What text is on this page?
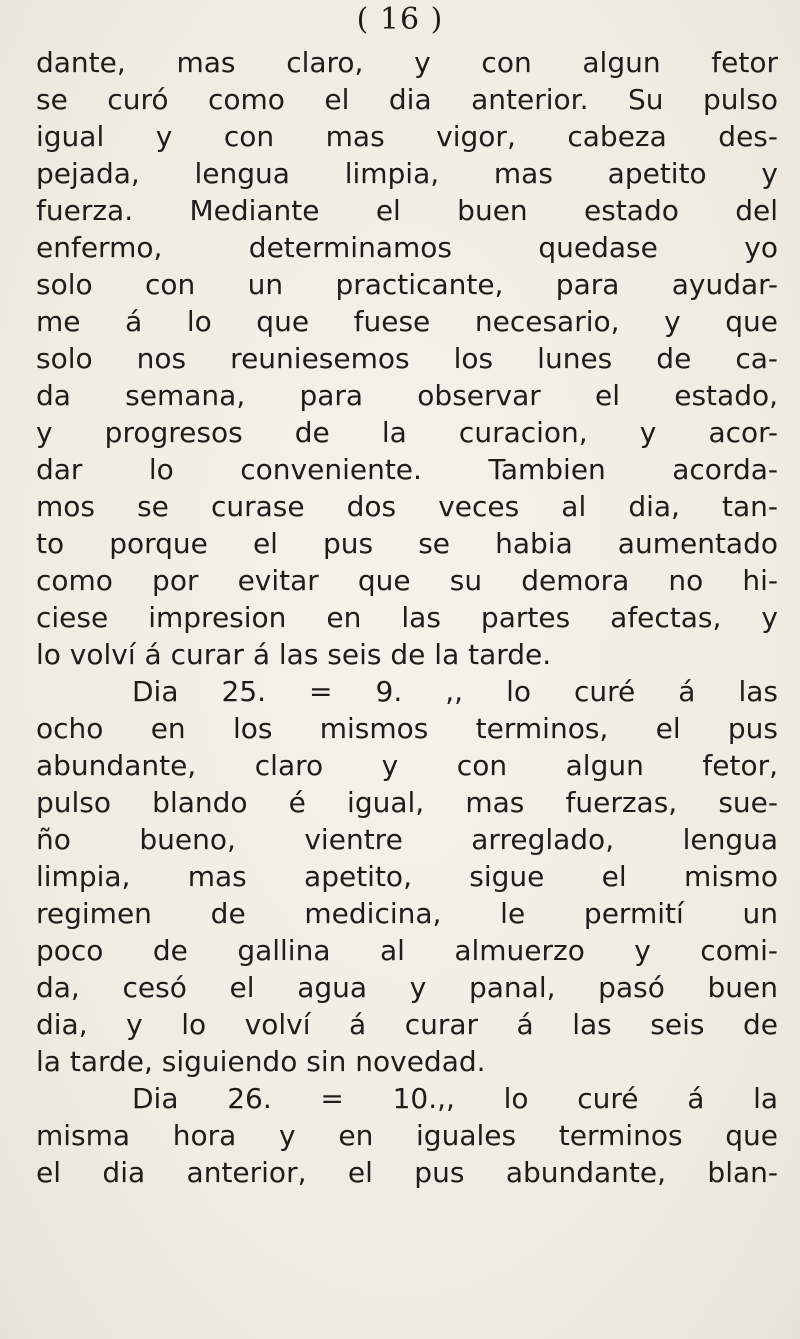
( 16 )
dante, mas claro, y con algun fetor
se curó como el dia anterior. Su pulso
igual y con mas vigor, cabeza des-
pejada, lengua limpia, mas apetito y
fuerza. Mediante el buen estado del
enfermo, determinamos quedase yo
solo con un practicante, para ayudar-
me á lo que fuese necesario, y que
solo nos reuniesemos los lunes de ca-
da semana, para observar el estado,
y progresos de la curacion, y acor-
dar lo conveniente. Tambien acorda-
mos se curase dos veces al dia, tan-
to porque el pus se habia aumentado
como por evitar que su demora no hi-
ciese impresion en las partes afectas, y
lo volví á curar á las seis de la tarde.
Dia 25. = 9. ,, lo curé á las
ocho en los mismos terminos, el pus
abundante, claro y con algun fetor,
pulso blando é igual, mas fuerzas, sue-
ño bueno, vientre arreglado, lengua
limpia, mas apetito, sigue el mismo
regimen de medicina, le permití un
poco de gallina al almuerzo y comi-
da, cesó el agua y panal, pasó buen
dia, y lo volví á curar á las seis de
la tarde, siguiendo sin novedad.
Dia 26. = 10.,, lo curé á la
misma hora y en iguales terminos que
el dia anterior, el pus abundante, blan-
